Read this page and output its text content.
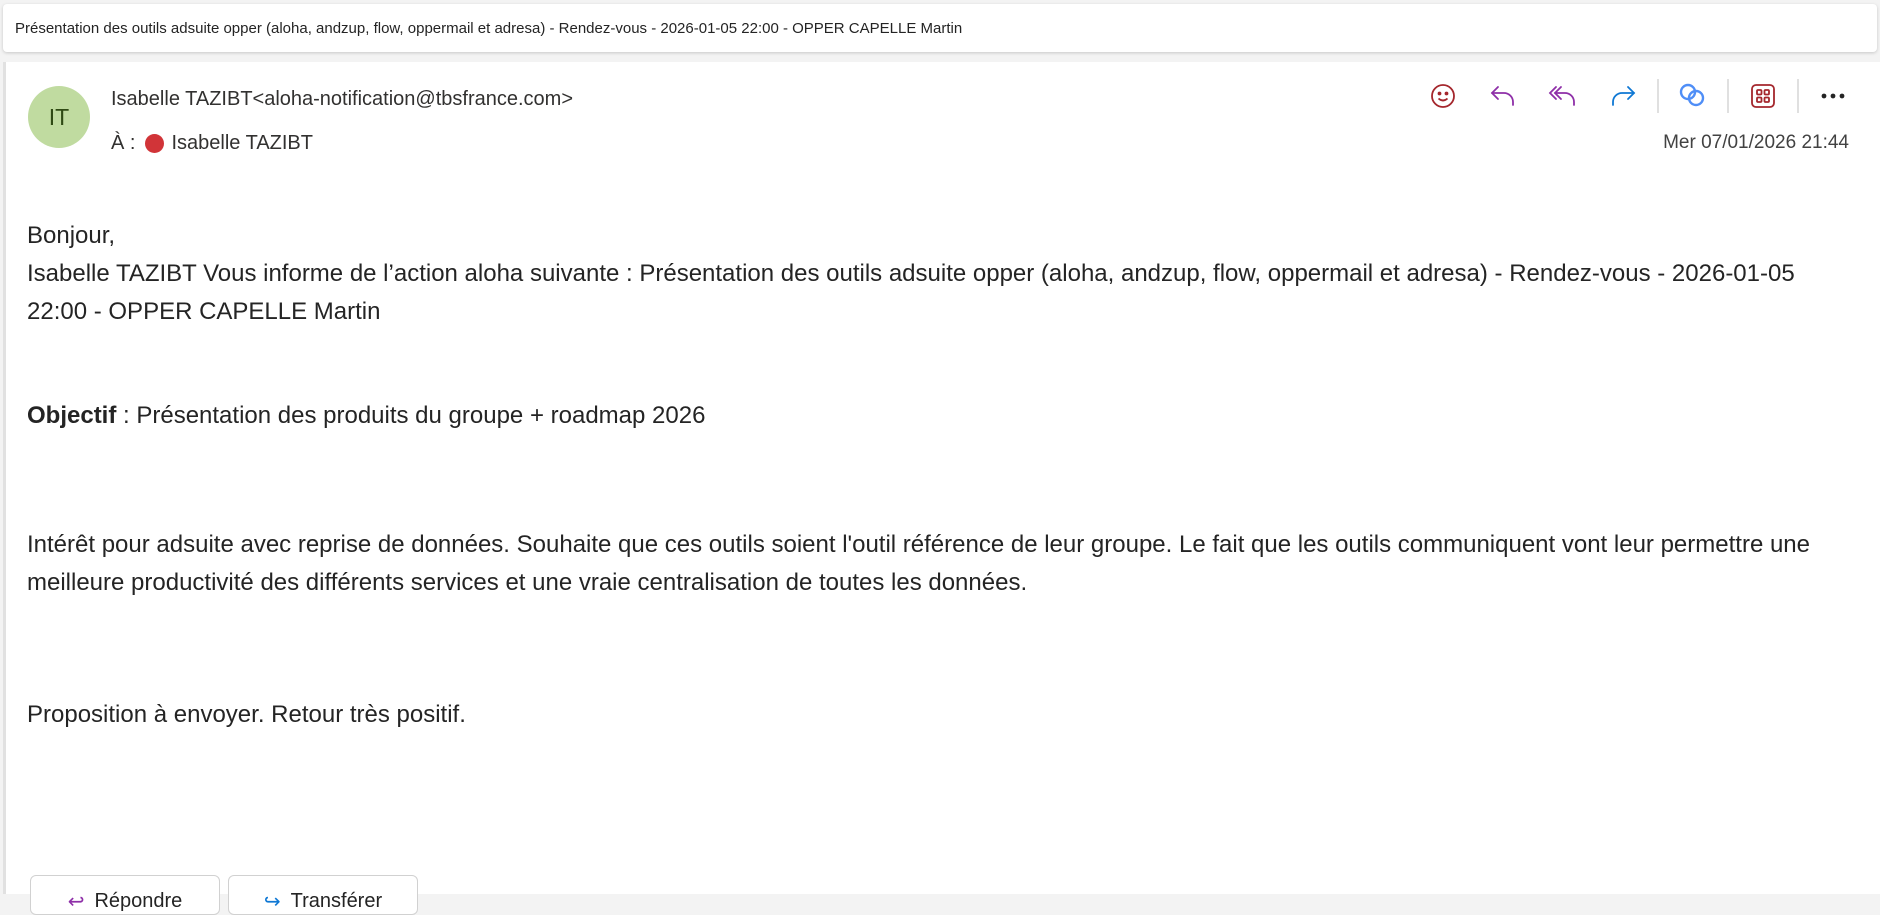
Présentation des outils adsuite opper (aloha, andzup, flow, oppermail et adresa) - Rendez-vous - 2026-01-05 22:00 - OPPER CAPELLE Martin
IT
Isabelle TAZIBT<aloha-notification@tbsfrance.com>
À : Isabelle TAZIBT	Mer 07/01/2026 21:44

Bonjour,

Isabelle TAZIBT Vous informe de l’action aloha suivante : Présentation des outils adsuite opper (aloha, andzup, flow, oppermail et adresa) - Rendez-vous - 2026-01-05 22:00 - OPPER CAPELLE Martin

Objectif : Présentation des produits du groupe + roadmap 2026

Intérêt pour adsuite avec reprise de données. Souhaite que ces outils soient l'outil référence de leur groupe. Le fait que les outils communiquent vont leur permettre une meilleure productivité des différents services et une vraie centralisation de toutes les données.

Proposition à envoyer. Retour très positif.

↩ Répondre	↪ Transférer
